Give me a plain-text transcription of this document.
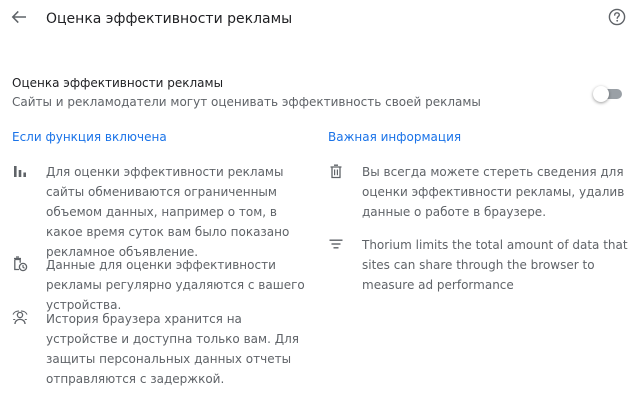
Оценка эффективности рекламы
Оценка эффективности рекламы
Сайты и рекламодатели могут оценивать эффективность своей рекламы
Если функция включена
Для оценки эффективности рекламы сайты обмениваются ограниченным объемом данных, например о том, в какое время суток вам было показано рекламное объявление.
Данные для оценки эффективности рекламы регулярно удаляются с вашего устройства.
История браузера хранится на устройстве и доступна только вам. Для защиты персональных данных отчеты отправляются с задержкой.
Важная информация
Вы всегда можете стереть сведения для оценки эффективности рекламы, удалив данные о работе в браузере.
Thorium limits the total amount of data that sites can share through the browser to measure ad performance
